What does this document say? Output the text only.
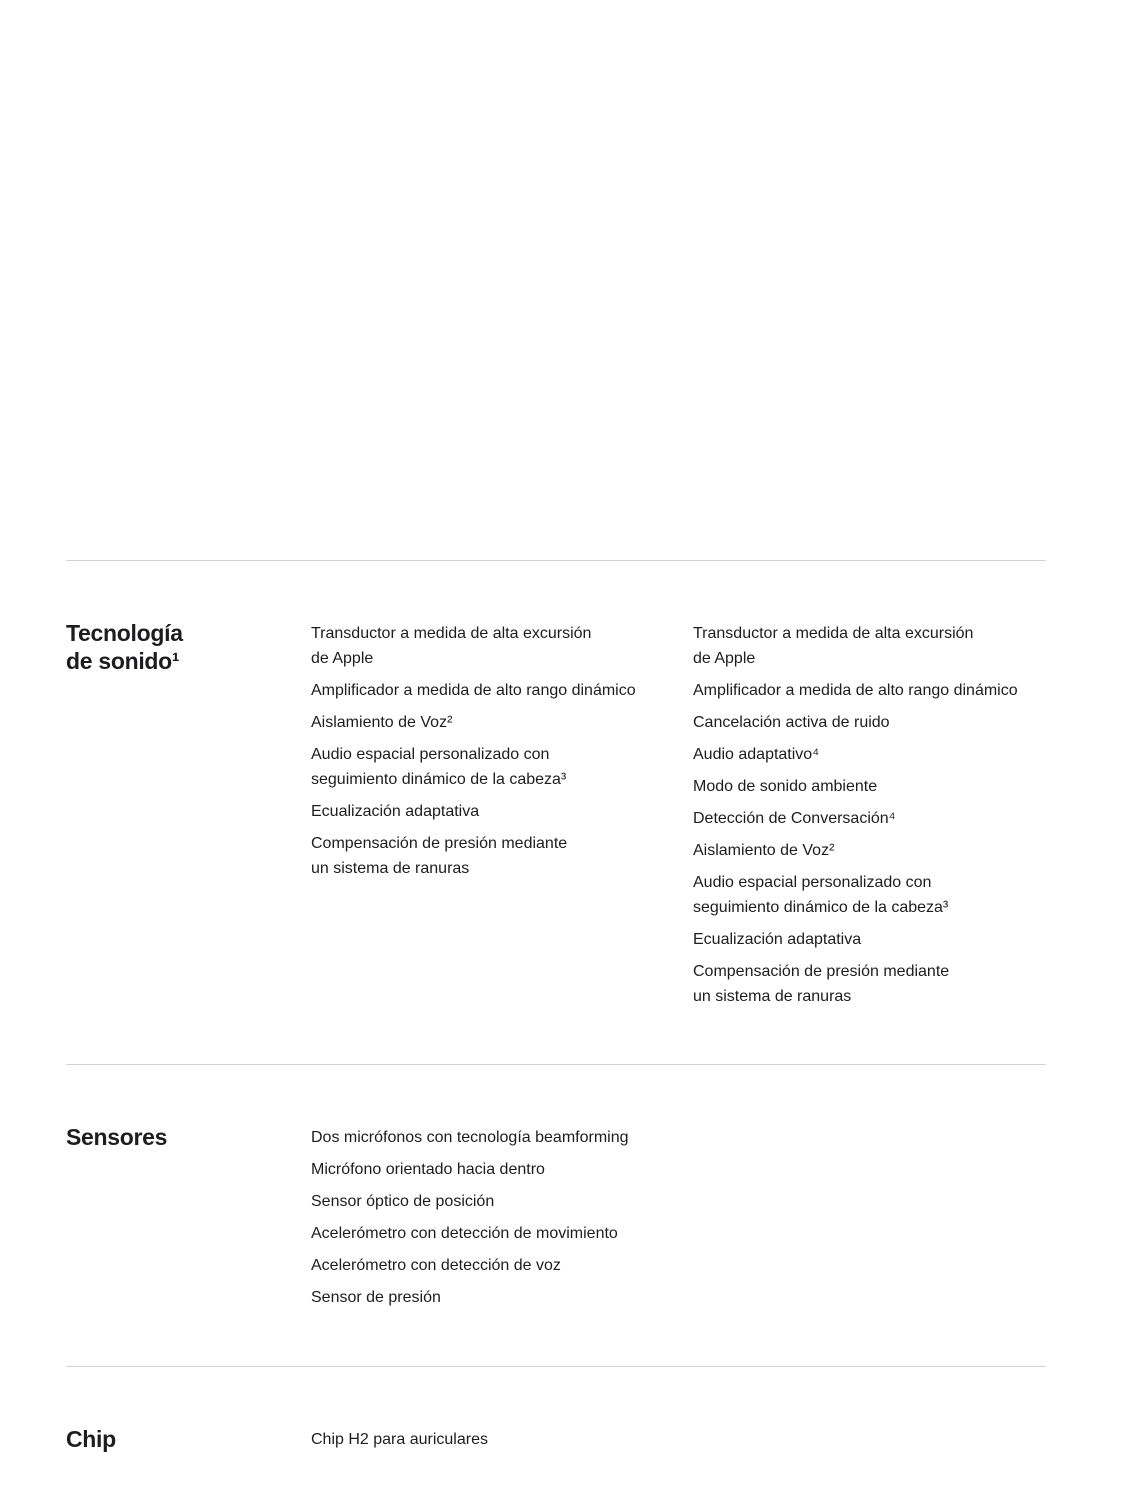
Tecnología
de sonido¹
Transductor a medida de alta excursión
de Apple
Amplificador a medida de alto rango dinámico
Aislamiento de Voz²
Audio espacial personalizado con
seguimiento dinámico de la cabeza³
Ecualización adaptativa
Compensación de presión mediante
un sistema de ranuras
Transductor a medida de alta excursión
de Apple
Amplificador a medida de alto rango dinámico
Cancelación activa de ruido
Audio adaptativo⁴
Modo de sonido ambiente
Detección de Conversación⁴
Aislamiento de Voz²
Audio espacial personalizado con
seguimiento dinámico de la cabeza³
Ecualización adaptativa
Compensación de presión mediante
un sistema de ranuras
Sensores	Dos micrófonos con tecnología beamforming
Micrófono orientado hacia dentro
Sensor óptico de posición
Acelerómetro con detección de movimiento
Acelerómetro con detección de voz
Sensor de presión
Chip	Chip H2 para auriculares
